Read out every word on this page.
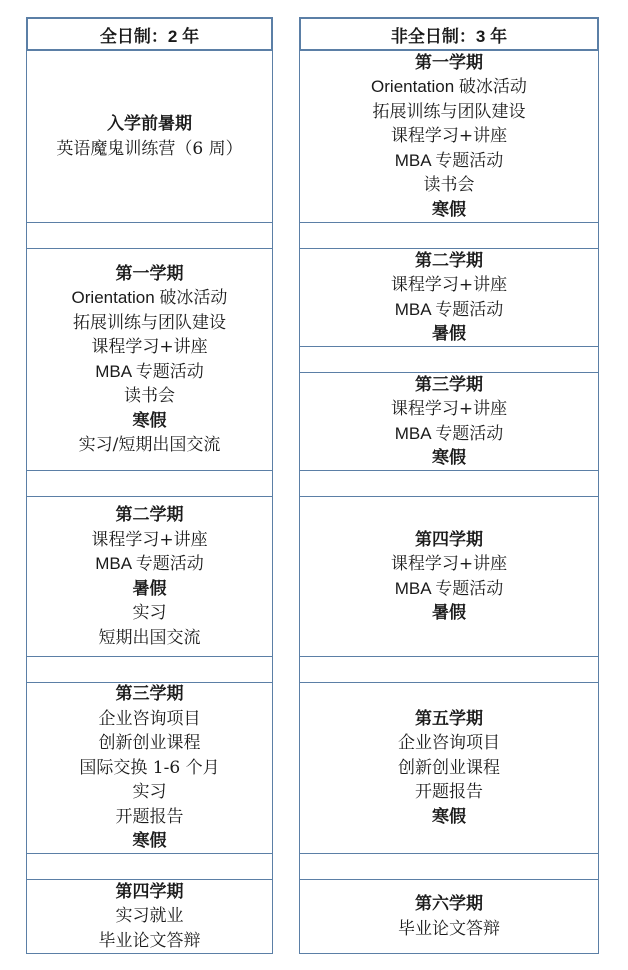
全日制：2 年
入学前暑期
英语魔鬼训练营（6 周）
第一学期
Orientation 破冰活动
拓展训练与团队建设
课程学习+讲座
MBA 专题活动
读书会
寒假
实习/短期出国交流
第二学期
课程学习+讲座
MBA 专题活动
暑假
实习
短期出国交流
第三学期
企业咨询项目
创新创业课程
国际交换 1-6 个月
实习
开题报告
寒假
第四学期
实习就业
毕业论文答辩
非全日制：3 年
第一学期
Orientation 破冰活动
拓展训练与团队建设
课程学习+讲座
MBA 专题活动
读书会
寒假
第二学期
课程学习+讲座
MBA 专题活动
暑假
第三学期
课程学习+讲座
MBA 专题活动
寒假
第四学期
课程学习+讲座
MBA 专题活动
暑假
第五学期
企业咨询项目
创新创业课程
开题报告
寒假
第六学期
毕业论文答辩
